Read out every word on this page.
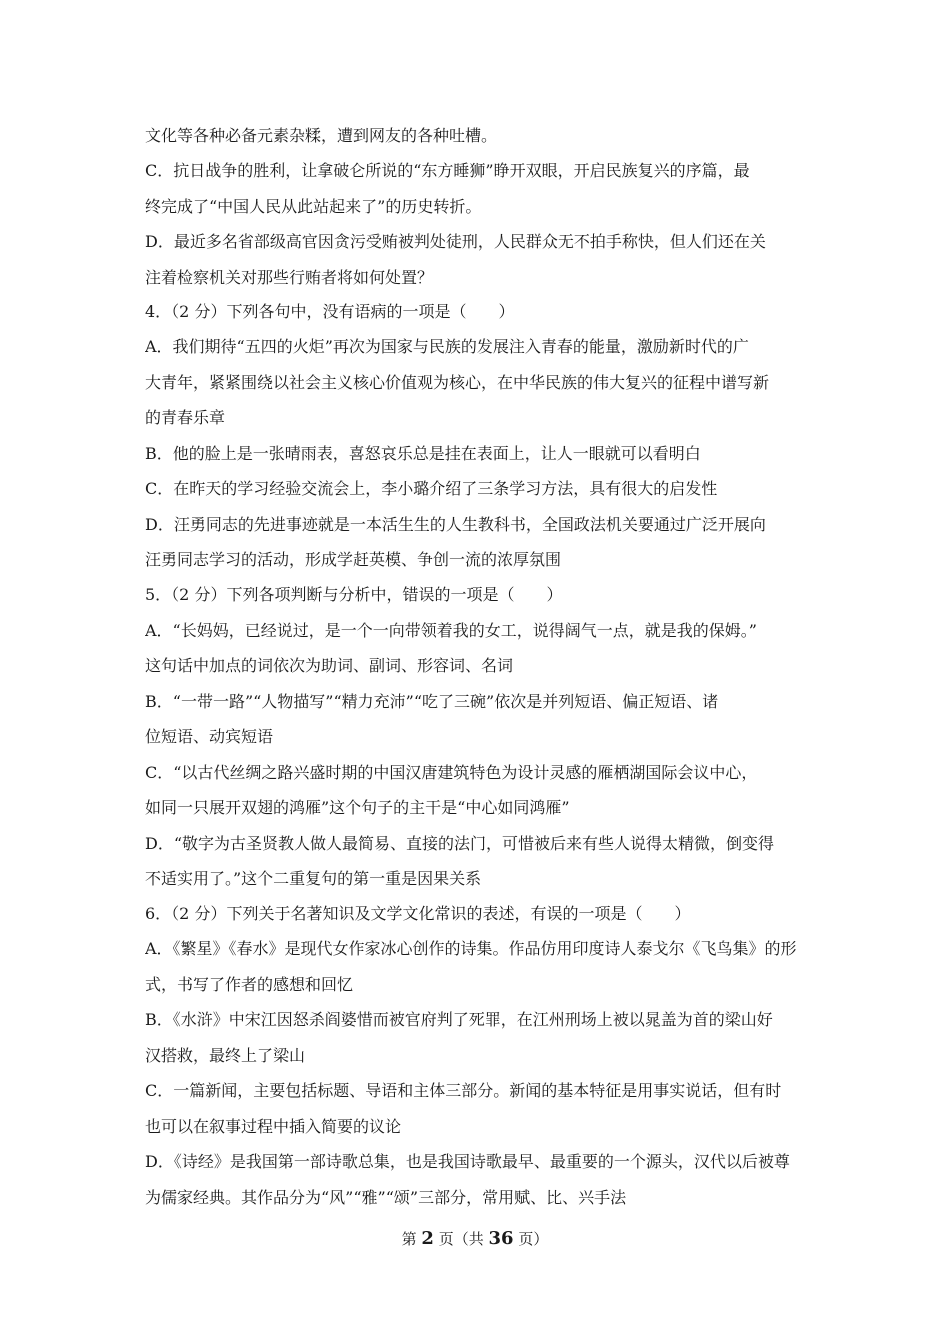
文化等各种必备元素杂糅，遭到网友的各种吐槽。
C．抗日战争的胜利，让拿破仑所说的“东方睡狮”睁开双眼，开启民族复兴的序篇，最
终完成了“中国人民从此站起来了”的历史转折。
D．最近多名省部级高官因贪污受贿被判处徒刑，人民群众无不拍手称快，但人们还在关
注着检察机关对那些行贿者将如何处置？
4．（2 分）下列各句中，没有语病的一项是（　　）
A．我们期待“五四的火炬”再次为国家与民族的发展注入青春的能量，激励新时代的广
大青年，紧紧围绕以社会主义核心价值观为核心，在中华民族的伟大复兴的征程中谱写新
的青春乐章
B．他的脸上是一张晴雨表，喜怒哀乐总是挂在表面上，让人一眼就可以看明白
C．在昨天的学习经验交流会上，李小璐介绍了三条学习方法，具有很大的启发性
D．汪勇同志的先进事迹就是一本活生生的人生教科书，全国政法机关要通过广泛开展向
汪勇同志学习的活动，形成学赶英模、争创一流的浓厚氛围
5．（2 分）下列各项判断与分析中，错误的一项是（　　）
A．“长妈妈，已经说过，是一个一向带领着我的女工，说得阔气一点，就是我的保姆。”
这句话中加点的词依次为助词、副词、形容词、名词
B．“一带一路”“人物描写”“精力充沛”“吃了三碗”依次是并列短语、偏正短语、诸
位短语、动宾短语
C．“以古代丝绸之路兴盛时期的中国汉唐建筑特色为设计灵感的雁栖湖国际会议中心，
如同一只展开双翅的鸿雁”这个句子的主干是“中心如同鸿雁”
D．“敬字为古圣贤教人做人最简易、直接的法门，可惜被后来有些人说得太精微，倒变得
不适实用了。”这个二重复句的第一重是因果关系
6．（2 分）下列关于名著知识及文学文化常识的表述，有误的一项是（　　）
A．《繁星》《春水》是现代女作家冰心创作的诗集。作品仿用印度诗人泰戈尔《飞鸟集》的形
式，书写了作者的感想和回忆
B．《水浒》中宋江因怒杀阎婆惜而被官府判了死罪，在江州刑场上被以晁盖为首的梁山好
汉搭救，最终上了梁山
C．一篇新闻，主要包括标题、导语和主体三部分。新闻的基本特征是用事实说话，但有时
也可以在叙事过程中插入简要的议论
D．《诗经》是我国第一部诗歌总集，也是我国诗歌最早、最重要的一个源头，汉代以后被尊
为儒家经典。其作品分为“风”“雅”“颂”三部分，常用赋、比、兴手法
第 2 页（共 36 页）
